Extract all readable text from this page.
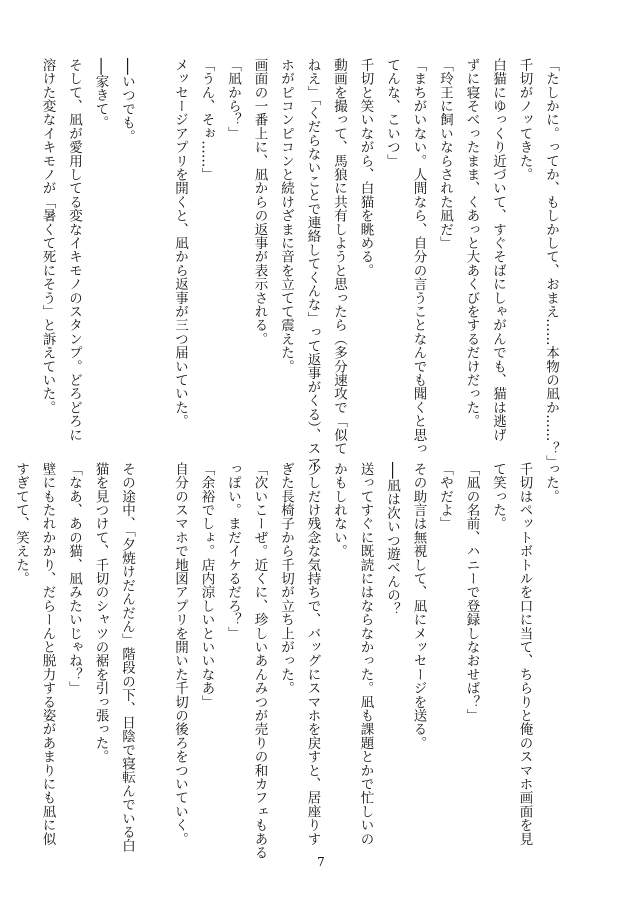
「たしかに。ってか、もしかして、おまえ……本物の凪か……？」
千切がノッてきた。
白猫にゆっくり近づいて、すぐそばにしゃがんでも、猫は逃げ
ずに寝そべったまま、くあっと大あくびをするだけだった。
「玲王に飼いならされた凪だ」
「まちがいない。人間なら、自分の言うことなんでも聞くと思っ
てんな、こいつ」
千切と笑いながら、白猫を眺める。
動画を撮って、馬狼に共有しようと思ったら（多分速攻で「似て
ねえ」「くだらないことで連絡してくんな」って返事がくる）、スマ
ホがピコンピコンと続けざまに音を立てて震えた。
画面の一番上に、凪からの返事が表示される。
「凪から？」
「うん、そぉ……」
メッセージアプリを開くと、凪から返事が三つ届いていた。

──いつでも。
──家きて。
そして、凪が愛用してる変なイキモノのスタンプ。どろどろに
溶けた変なイキモノが「暑くて死にそう」と訴えていた。
った。
千切はペットボトルを口に当て、ちらりと俺のスマホ画面を見
て笑った。
「凪の名前、ハニーで登録しなおせば？」
「やだよ」
その助言は無視して、凪にメッセージを送る。
──凪は次いつ遊べんの？
送ってすぐに既読にはならなかった。凪も課題とかで忙しいの
かもしれない。
少しだけ残念な気持ちで、バッグにスマホを戻すと、居座りす
ぎた長椅子から千切が立ち上がった。
「次いこーぜ。近くに、珍しいあんみつが売りの和カフェもある
っぽい。まだイケるだろ？」
「余裕でしょ。店内涼しいといいなあ」
自分のスマホで地図アプリを開いた千切の後ろをついていく。

その途中、「夕焼けだんだん」階段の下、日陰で寝転んでいる白
猫を見つけて、千切のシャツの裾を引っ張った。
「なあ、あの猫、凪みたいじゃね？」
壁にもたれかかり、だらーんと脱力する姿があまりにも凪に似
すぎてて、笑えた。
7
